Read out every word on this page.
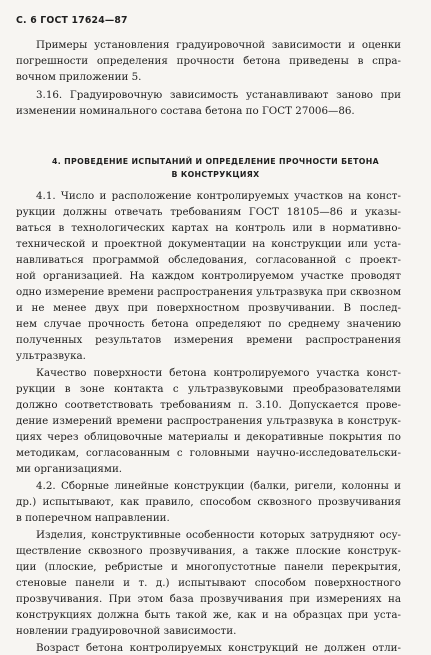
С. 6 ГОСТ 17624—87
Примеры установления градуировочной зависимости и оценки
погрешности определения прочности бетона приведены в спра-
вочном приложении 5.
3.16. Градуировочную зависимость устанавливают заново при
изменении номинального состава бетона по ГОСТ 27006—86.
4. ПРОВЕДЕНИЕ ИСПЫТАНИЙ И ОПРЕДЕЛЕНИЕ ПРОЧНОСТИ БЕТОНА
В КОНСТРУКЦИЯХ
4.1. Число и расположение контролируемых участков на конст-
рукции должны отвечать требованиям ГОСТ 18105—86 и указы-
ваться в технологических картах на контроль или в нормативно-
технической и проектной документации на конструкции или уста-
навливаться программой обследования, согласованной с проект-
ной организацией. На каждом контролируемом участке проводят
одно измерение времени распространения ультразвука при сквозном
и не менее двух при поверхностном прозвучивании. В послед-
нем случае прочность бетона определяют по среднему значению
полученных результатов измерения времени распространения
ультразвука.
Качество поверхности бетона контролируемого участка конст-
рукции в зоне контакта с ультразвуковыми преобразователями
должно соответствовать требованиям п. 3.10. Допускается прове-
дение измерений времени распространения ультразвука в конструк-
циях через облицовочные материалы и декоративные покрытия по
методикам, согласованным с головными научно-исследовательски-
ми организациями.
4.2. Сборные линейные конструкции (балки, ригели, колонны и
др.) испытывают, как правило, способом сквозного прозвучивания
в поперечном направлении.
Изделия, конструктивные особенности которых затрудняют осу-
ществление сквозного прозвучивания, а также плоские конструк-
ции (плоские, ребристые и многопустотные панели перекрытия,
стеновые панели и т. д.) испытывают способом поверхностного
прозвучивания. При этом база прозвучивания при измерениях на
конструкциях должна быть такой же, как и на образцах при уста-
новлении градуировочной зависимости.
Возраст бетона контролируемых конструкций не должен отли-
